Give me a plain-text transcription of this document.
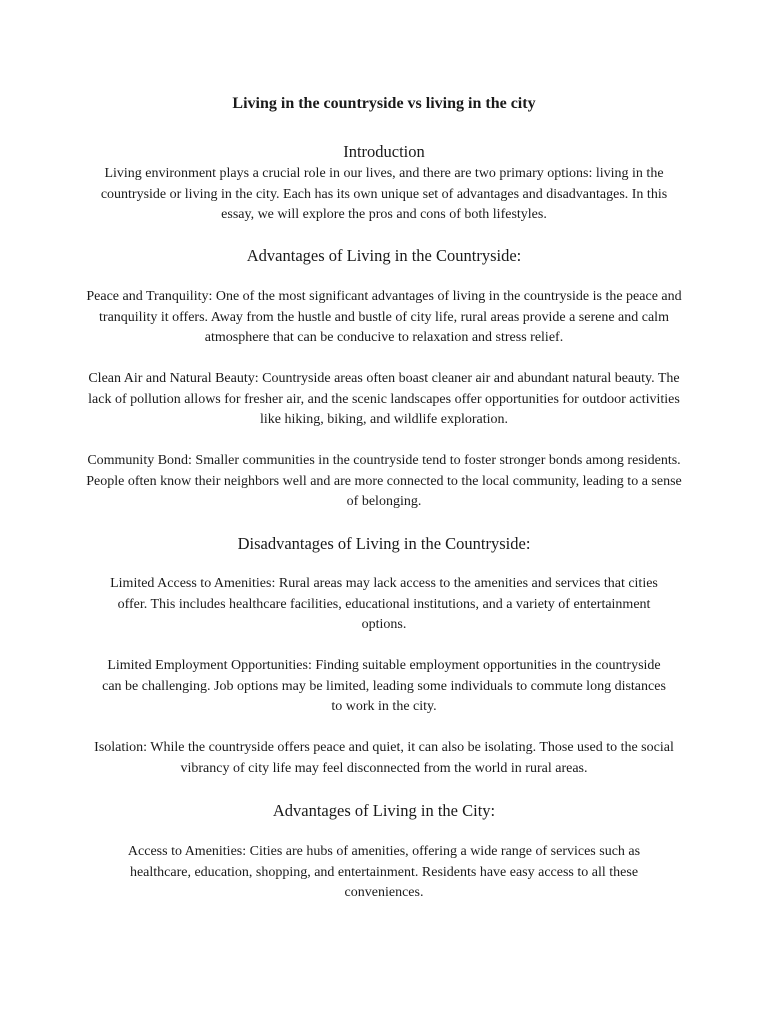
Living in the countryside vs living in the city
Introduction

Living environment plays a crucial role in our lives, and there are two primary options: living in the countryside or living in the city. Each has its own unique set of advantages and disadvantages. In this essay, we will explore the pros and cons of both lifestyles.

Advantages of Living in the Countryside:

Peace and Tranquility: One of the most significant advantages of living in the countryside is the peace and tranquility it offers. Away from the hustle and bustle of city life, rural areas provide a serene and calm atmosphere that can be conducive to relaxation and stress relief.

Clean Air and Natural Beauty: Countryside areas often boast cleaner air and abundant natural beauty. The lack of pollution allows for fresher air, and the scenic landscapes offer opportunities for outdoor activities like hiking, biking, and wildlife exploration.

Community Bond: Smaller communities in the countryside tend to foster stronger bonds among residents. People often know their neighbors well and are more connected to the local community, leading to a sense of belonging.

Disadvantages of Living in the Countryside:

Limited Access to Amenities: Rural areas may lack access to the amenities and services that cities offer. This includes healthcare facilities, educational institutions, and a variety of entertainment options.

Limited Employment Opportunities: Finding suitable employment opportunities in the countryside can be challenging. Job options may be limited, leading some individuals to commute long distances to work in the city.

Isolation: While the countryside offers peace and quiet, it can also be isolating. Those used to the social vibrancy of city life may feel disconnected from the world in rural areas.

Advantages of Living in the City:

Access to Amenities: Cities are hubs of amenities, offering a wide range of services such as healthcare, education, shopping, and entertainment. Residents have easy access to all these conveniences.
